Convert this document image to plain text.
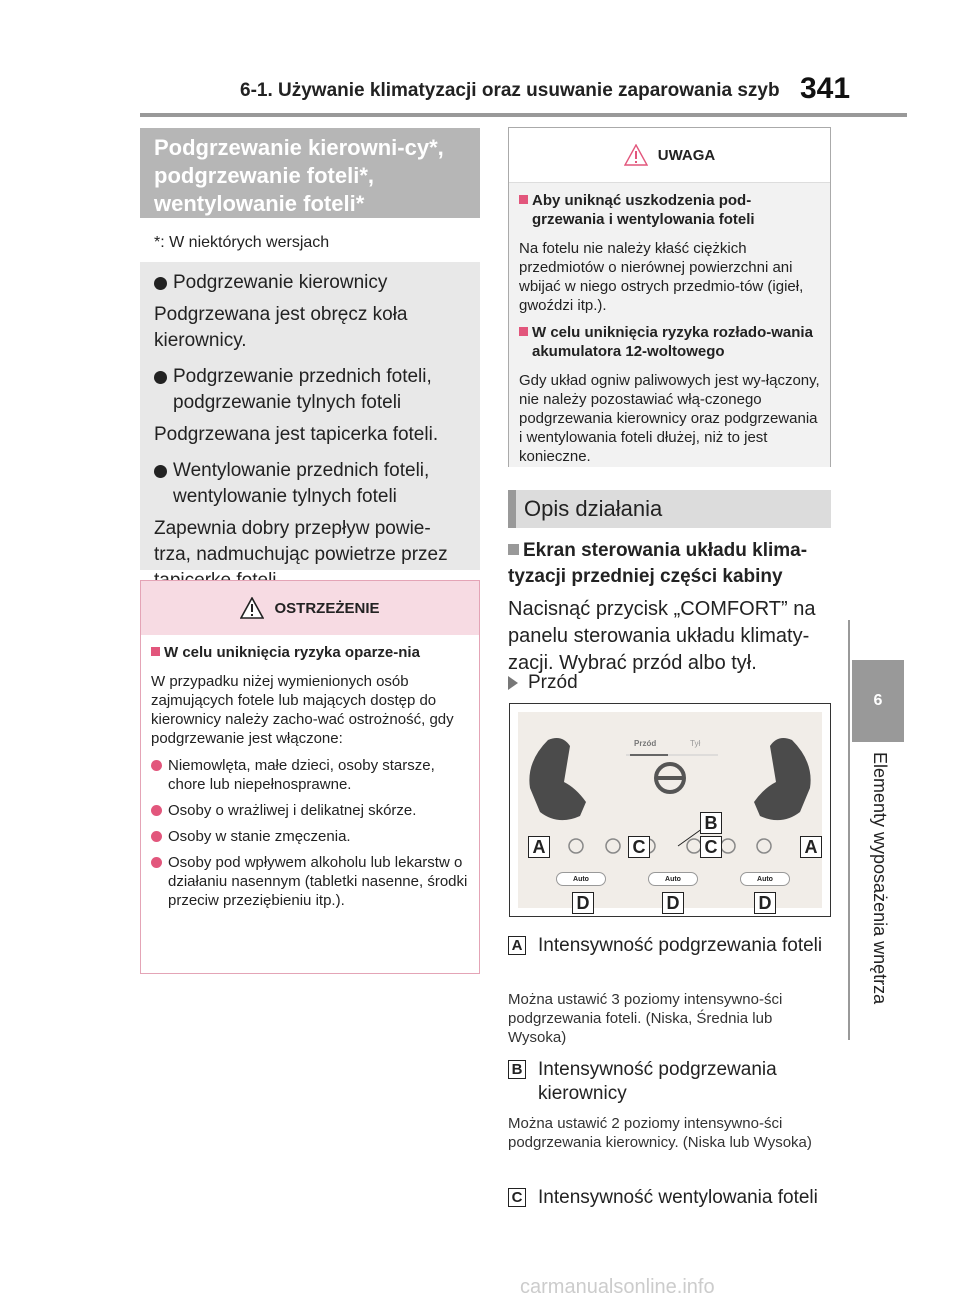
6-1. Używanie klimatyzacji oraz usuwanie zaparowania szyb 341
6
Elementy wyposażenia wnętrza
Podgrzewanie kierowni-cy*, podgrzewanie foteli*, wentylowanie foteli*
*: W niektórych wersjach
Podgrzewanie kierownicy

Podgrzewana jest obręcz koła kierownicy.

Podgrzewanie przednich foteli, podgrzewanie tylnych foteli

Podgrzewana jest tapicerka foteli.

Wentylowanie przednich foteli, wentylowanie tylnych foteli

Zapewnia dobry przepływ powie-trza, nadmuchując powietrze przez

OSTRZEŻENIE
W celu uniknięcia ryzyka oparze-nia

W przypadku niżej wymienionych osób zajmujących fotele lub mających dostęp do kierownicy należy zacho-wać ostrożność, gdy podgrzewanie jest włączone:

Niemowlęta, małe dzieci, osoby starsze, chore lub niepełnosprawne.
Osoby o wrażliwej i delikatnej skórze.
Osoby w stanie zmęczenia.
Osoby pod wpływem alkoholu lub lekarstw o działaniu nasennym (tabletki nasenne, środki przeciw przeziębieniu itp.).
UWAGA
Aby uniknąć uszkodzenia pod-grzewania i wentylowania foteli

Na fotelu nie należy kłaść ciężkich przedmiotów o nierównej powierzchni ani wbijać w niego ostrych przedmio-tów (igieł, gwoździ itp.).

W celu uniknięcia ryzyka rozłado-wania akumulatora 12-woltowego

Gdy układ ogniw paliwowych jest wy-łączony, nie należy pozostawiać włą-czonego podgrzewania kierownicy oraz podgrzewania i wentylowania foteli dłużej, niż to jest konieczne.

Opis działania
Ekran sterowania układu klima-tyzacji przedniej części kabiny
Nacisnąć przycisk „COMFORT” na panelu sterowania układu klimaty-zacji. Wybrać przód albo tył.
Przód
Przód	Tył
Auto	Auto	Auto
A	C
B
C	A
D	D	D
A Intensywność podgrzewania foteli
Można ustawić 3 poziomy intensywno-ści podgrzewania foteli. (Niska, Średnia lub Wysoka)
B Intensywność podgrzewania kierownicy
Można ustawić 2 poziomy intensywno-ści podgrzewania kierownicy. (Niska lub Wysoka)
C Intensywność wentylowania foteli
carmanualsonline.info
